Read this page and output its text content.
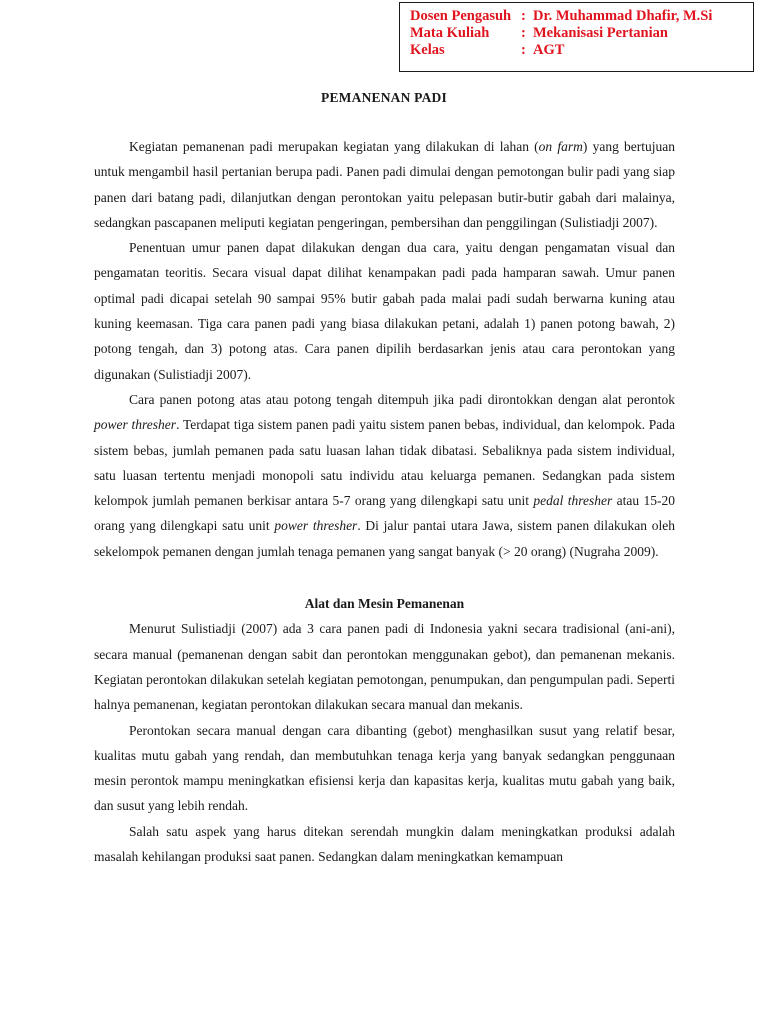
Dosen Pengasuh : Dr. Muhammad Dhafir, M.Si
Mata Kuliah : Mekanisasi Pertanian
Kelas	: AGT
PEMANENAN PADI

Kegiatan pemanenan padi merupakan kegiatan yang dilakukan di lahan (on farm) yang bertujuan untuk mengambil hasil pertanian berupa padi. Panen padi dimulai dengan pemotongan bulir padi yang siap panen dari batang padi, dilanjutkan dengan perontokan yaitu pelepasan butir-butir gabah dari malainya, sedangkan pascapanen meliputi kegiatan pengeringan, pembersihan dan penggilingan (Sulistiadji 2007).

Penentuan umur panen dapat dilakukan dengan dua cara, yaitu dengan pengamatan visual dan pengamatan teoritis. Secara visual dapat dilihat kenampakan padi pada hamparan sawah. Umur panen optimal padi dicapai setelah 90 sampai 95% butir gabah pada malai padi sudah berwarna kuning atau kuning keemasan. Tiga cara panen padi yang biasa dilakukan petani, adalah 1) panen potong bawah, 2) potong tengah, dan 3) potong atas. Cara panen dipilih berdasarkan jenis atau cara perontokan yang digunakan (Sulistiadji 2007).

Cara panen potong atas atau potong tengah ditempuh jika padi dirontokkan dengan alat perontok power thresher. Terdapat tiga sistem panen padi yaitu sistem panen bebas, individual, dan kelompok. Pada sistem bebas, jumlah pemanen pada satu luasan lahan tidak dibatasi. Sebaliknya pada sistem individual, satu luasan tertentu menjadi monopoli satu individu atau keluarga pemanen. Sedangkan pada sistem kelompok jumlah pemanen berkisar antara 5-7 orang yang dilengkapi satu unit pedal thresher atau 15-20 orang yang dilengkapi satu unit power thresher. Di jalur pantai utara Jawa, sistem panen dilakukan oleh sekelompok pemanen dengan jumlah tenaga pemanen yang sangat banyak (> 20 orang) (Nugraha 2009).

Alat dan Mesin Pemanenan

Menurut Sulistiadji (2007) ada 3 cara panen padi di Indonesia yakni secara tradisional (ani-ani), secara manual (pemanenan dengan sabit dan perontokan menggunakan gebot), dan pemanenan mekanis. Kegiatan perontokan dilakukan setelah kegiatan pemotongan, penumpukan, dan pengumpulan padi. Seperti halnya pemanenan, kegiatan perontokan dilakukan secara manual dan mekanis.

Perontokan secara manual dengan cara dibanting (gebot) menghasilkan susut yang relatif besar, kualitas mutu gabah yang rendah, dan membutuhkan tenaga kerja yang banyak sedangkan penggunaan mesin perontok mampu meningkatkan efisiensi kerja dan kapasitas kerja, kualitas mutu gabah yang baik, dan susut yang lebih rendah.

Salah satu aspek yang harus ditekan serendah mungkin dalam meningkatkan produksi adalah masalah kehilangan produksi saat panen. Sedangkan dalam meningkatkan kemampuan
